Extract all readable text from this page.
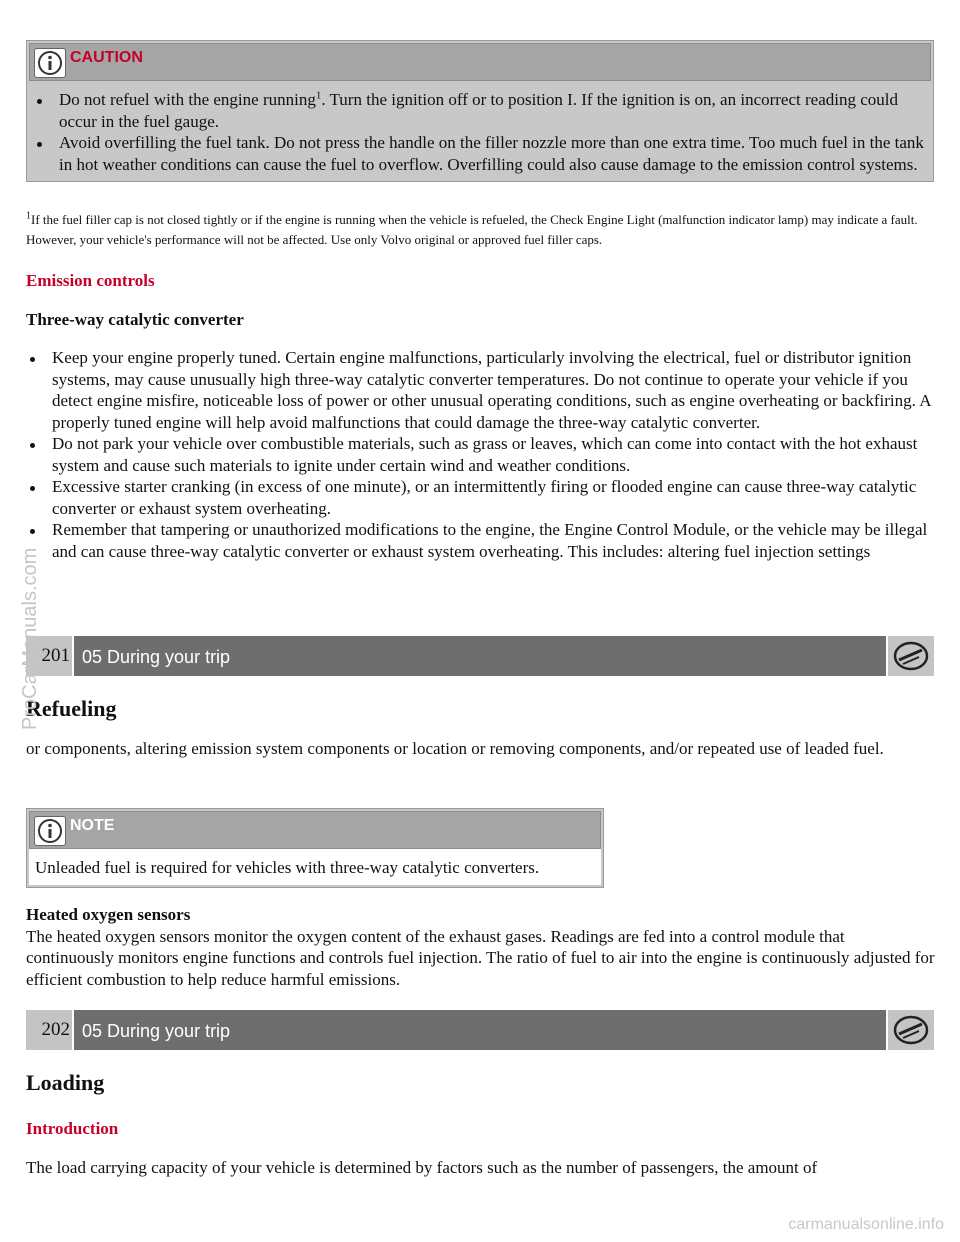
CAUTION
Do not refuel with the engine running$^1$. Turn the ignition off or to position I. If the ignition is on, an incorrect reading could occur in the fuel gauge.
Avoid overfilling the fuel tank. Do not press the handle on the filler nozzle more than one extra time. Too much fuel in the tank in hot weather conditions can cause the fuel to overflow. Overfilling could also cause damage to the emission control systems.

$^1$If the fuel filler cap is not closed tightly or if the engine is running when the vehicle is refueled, the Check Engine Light (malfunction indicator lamp) may indicate a fault. However, your vehicle's performance will not be affected. Use only Volvo original or approved fuel filler caps.

Emission controls

Three-way catalytic converter

Keep your engine properly tuned. Certain engine malfunctions, particularly involving the electrical, fuel or distributor ignition systems, may cause unusually high three-way catalytic converter temperatures. Do not continue to operate your vehicle if you detect engine misfire, noticeable loss of power or other unusual operating conditions, such as engine overheating or backfiring. A properly tuned engine will help avoid malfunctions that could damage the three-way catalytic converter.
Do not park your vehicle over combustible materials, such as grass or leaves, which can come into contact with the hot exhaust system and cause such materials to ignite under certain wind and weather conditions.
Excessive starter cranking (in excess of one minute), or an intermittently firing or flooded engine can cause three-way catalytic converter or exhaust system overheating.
Remember that tampering or unauthorized modifications to the engine, the Engine Control Module, or the vehicle may be illegal and can cause three-way catalytic converter or exhaust system overheating. This includes: altering fuel injection settings
201 05 During your trip

Refueling

or components, altering emission system components or location or removing components, and/or repeated use of leaded fuel.

NOTE

Unleaded fuel is required for vehicles with three-way catalytic converters.

Heated oxygen sensors

The heated oxygen sensors monitor the oxygen content of the exhaust gases. Readings are fed into a control module that continuously monitors engine functions and controls fuel injection. The ratio of fuel to air into the engine is continuously adjusted for efficient combustion to help reduce harmful emissions.

202 05 During your trip

Loading

Introduction

The load carrying capacity of your vehicle is determined by factors such as the number of passengers, the amount of

ProCarManuals.com
carmanualsonline.info
